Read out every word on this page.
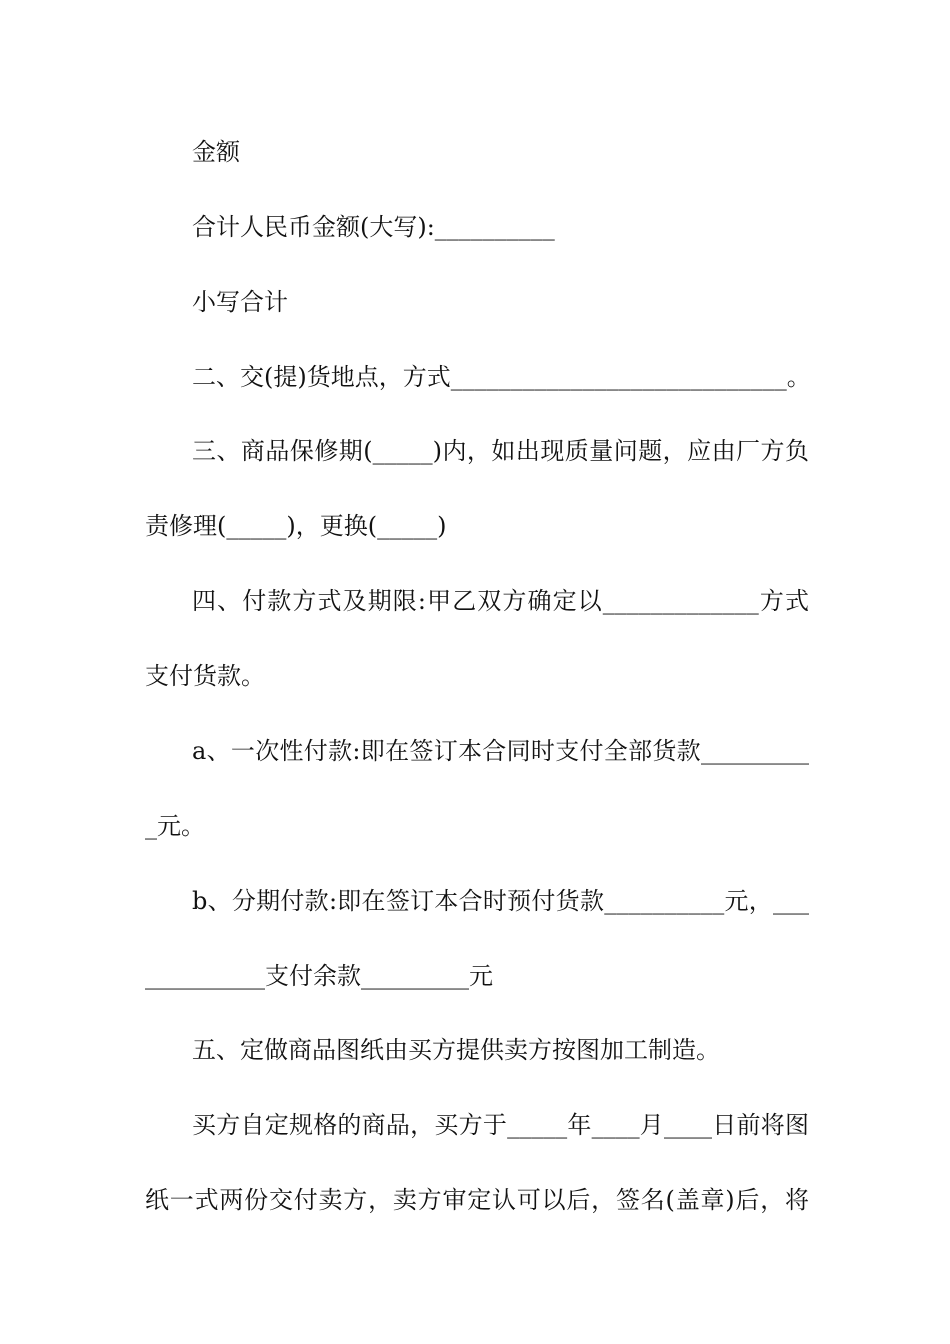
金额
合计人民币金额(大写):__________
小写合计
二、交(提)货地点，方式____________________________。
三、商品保修期(_____)内，如出现质量问题，应由厂方负
责修理(_____)，更换(_____)
四、付款方式及期限:甲乙双方确定以_____________方式
支付货款。
a、一次性付款:即在签订本合同时支付全部货款_________
_元。
b、分期付款:即在签订本合时预付货款__________元，___
__________支付余款_________元
五、定做商品图纸由买方提供卖方按图加工制造。
买方自定规格的商品，买方于_____年____月____日前将图
纸一式两份交付卖方，卖方审定认可以后，签名(盖章)后，将
